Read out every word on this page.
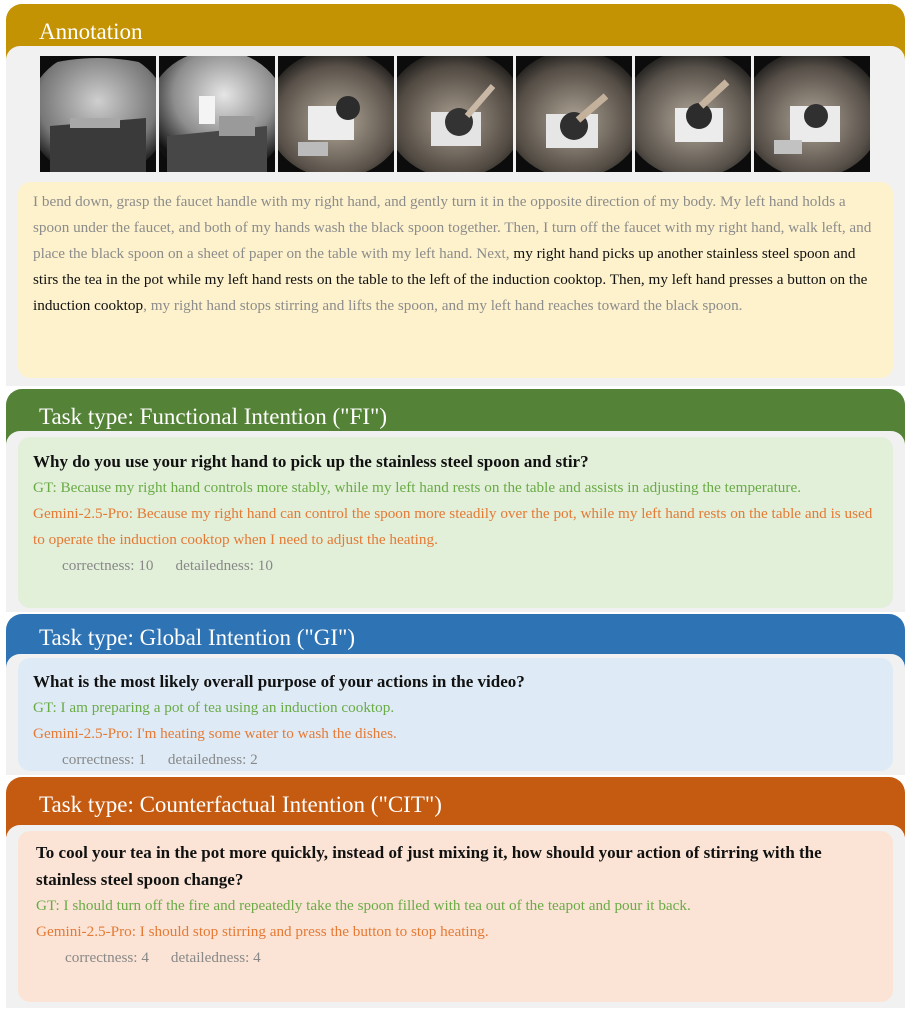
Annotation
I bend down, grasp the faucet handle with my right hand, and gently turn it in the opposite direction of my body. My left hand holds a spoon under the faucet, and both of my hands wash the black spoon together. Then, I turn off the faucet with my right hand, walk left, and place the black spoon on a sheet of paper on the table with my left hand. Next, my right hand picks up another stainless steel spoon and stirs the tea in the pot while my left hand rests on the table to the left of the induction cooktop. Then, my left hand presses a button on the induction cooktop, my right hand stops stirring and lifts the spoon, and my left hand reaches toward the black spoon.
Task type: Functional Intention ("FI")
Why do you use your right hand to pick up the stainless steel spoon and stir?
GT: Because my right hand controls more stably, while my left hand rests on the table and assists in adjusting the temperature.
Gemini-2.5-Pro: Because my right hand can control the spoon more steadily over the pot, while my left hand rests on the table and is used to operate the induction cooktop when I need to adjust the heating.
correctness: 10 detailedness: 10
Task type: Global Intention ("GI")
What is the most likely overall purpose of your actions in the video?
GT: I am preparing a pot of tea using an induction cooktop.
Gemini-2.5-Pro: I'm heating some water to wash the dishes.
correctness: 1 detailedness: 2
Task type: Counterfactual Intention ("CIT")
To cool your tea in the pot more quickly, instead of just mixing it, how should your action of stirring with the stainless steel spoon change?
GT: I should turn off the fire and repeatedly take the spoon filled with tea out of the teapot and pour it back.
Gemini-2.5-Pro: I should stop stirring and press the button to stop heating.
correctness: 4 detailedness: 4
